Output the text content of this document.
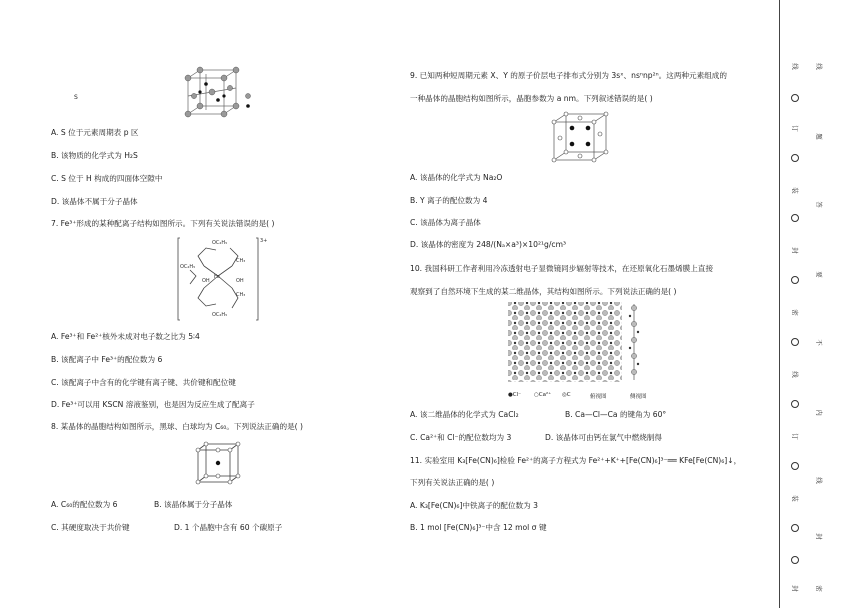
S
A. S 位于元素周期表 p 区
B. 该物质的化学式为 H₂S
C. S 位于 H 构成的四面体空隙中
D. 该晶体不属于分子晶体
7. Fe³⁺形成的某种配离子结构如图所示。下列有关说法错误的是( )
OC₂H₅
Fe
OC₂H₅
CH₃
CH₃
OC₂H₅
OH
OH
3+
A. Fe³⁺和 Fe²⁺核外未成对电子数之比为 5∶4
B. 该配离子中 Fe³⁺的配位数为 6
C. 该配离子中含有的化学键有离子键、共价键和配位键
D. Fe³⁺可以用 KSCN 溶液鉴别，也是因为反应生成了配离子
8. 某晶体的晶胞结构如图所示，黑球、白球均为 C₆₀。下列说法正确的是( )
A. C₆₀的配位数为 6	B. 该晶体属于分子晶体
C. 其硬度取决于共价键	D. 1 个晶胞中含有 60 个碳原子
9. 已知两种短周期元素 X、Y 的原子价层电子排布式分别为 3sˣ、nsⁿnp²ⁿ。这两种元素组成的
一种晶体的晶胞结构如图所示，晶胞参数为 a nm。下列叙述错误的是( )
A. 该晶体的化学式为 Na₂O
B. Y 离子的配位数为 4
C. 该晶体为离子晶体
D. 该晶体的密度为 248/(Nₐ×a³)×10²¹g/cm³
10. 我国科研工作者利用冷冻透射电子显微镜同步辐射等技术，在还原氧化石墨烯膜上直接
观察到了自然环境下生成的某二维晶体，其结构如图所示。下列说法正确的是( )
●Cl⁻ ○Ca²⁺ ◎C	俯视图	侧视图
A. 该二维晶体的化学式为 CaCl₂	B. Ca—Cl—Ca 的键角为 60°
C. Ca²⁺和 Cl⁻的配位数均为 3	D. 该晶体可由钙在氯气中燃烧制得
11. 实验室用 K₃[Fe(CN)₆]检验 Fe²⁺的离子方程式为 Fe²⁺+K⁺+[Fe(CN)₆]³⁻══ KFe[Fe(CN)₆]↓，
下列有关说法正确的是( )
A. K₃[Fe(CN)₆]中铁离子的配位数为 3
B. 1 mol [Fe(CN)₆]³⁻中含 12 mol σ 键
线
订
装
封
密
线
订
装
封
线
题
答
要
不
内
线
封
密
